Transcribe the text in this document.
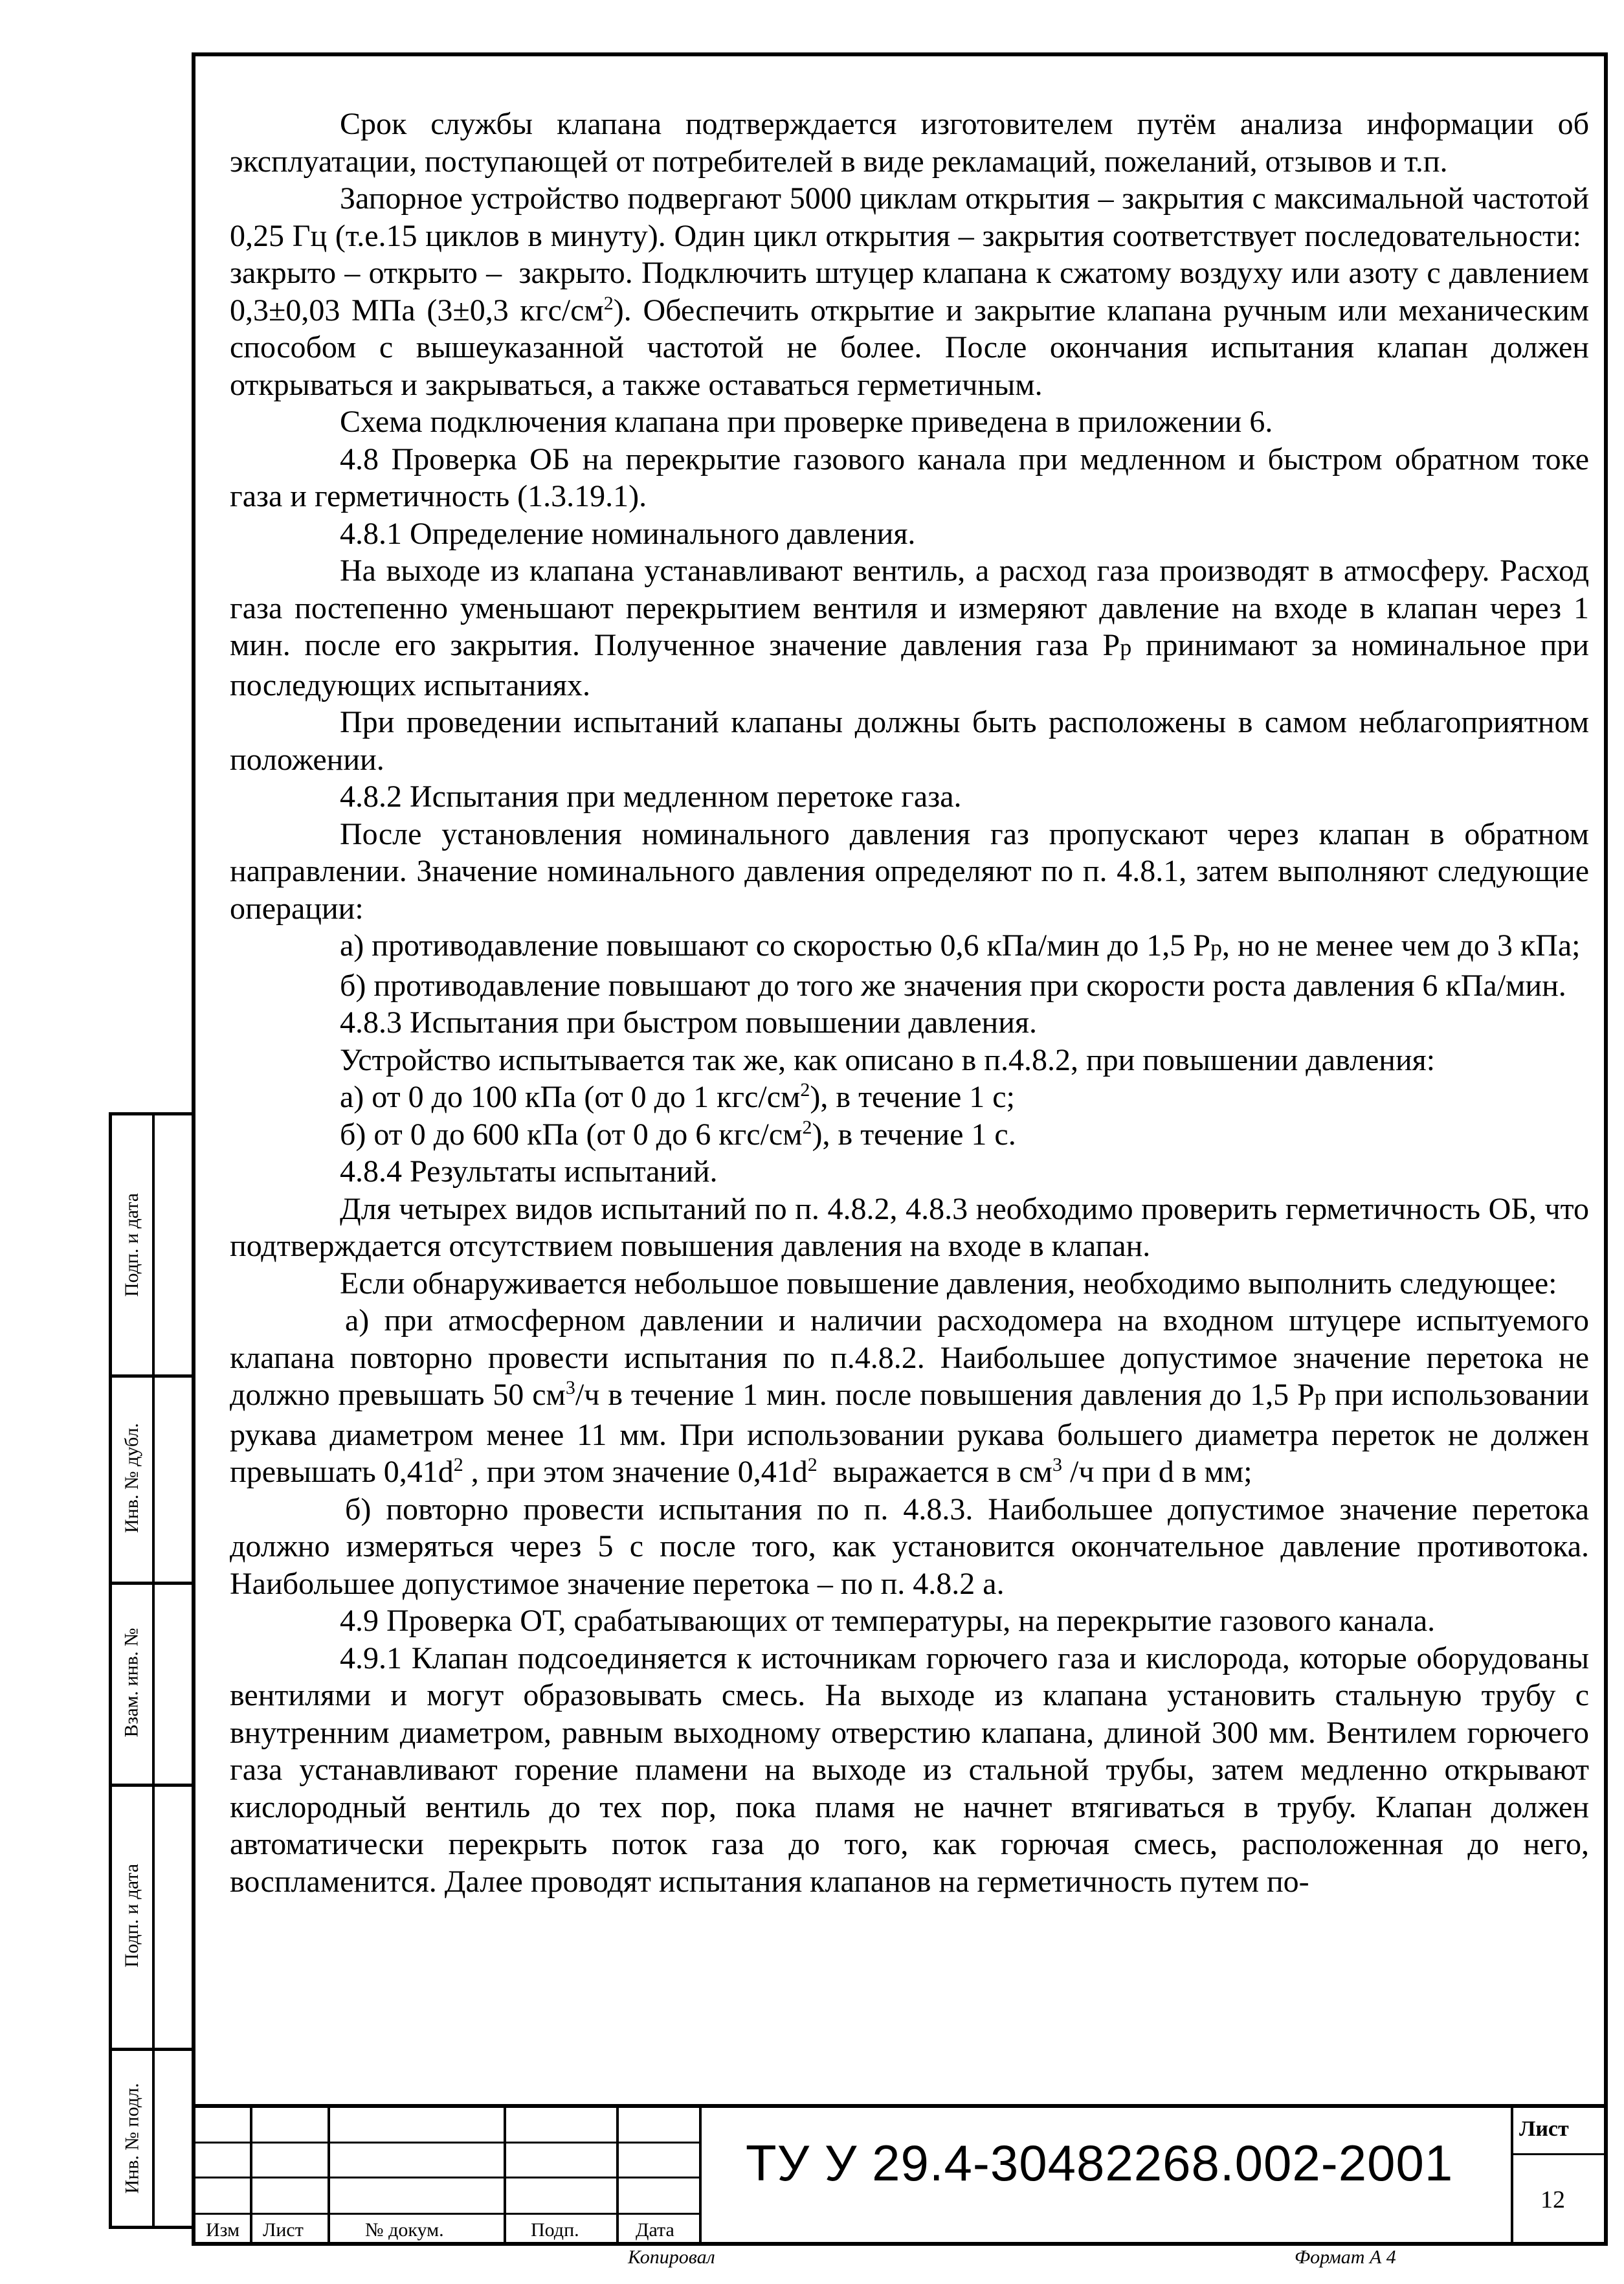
Срок службы клапана подтверждается изготовителем путём анализа информации об эксплуатации, поступающей от потребителей в виде рекламаций, пожеланий, отзывов и т.п.

Запорное устройство подвергают 5000 циклам открытия – закрытия с максимальной частотой 0,25 Гц (т.е.15 циклов в минуту). Один цикл открытия – закрытия соответствует последовательности:  закрыто – открыто –  закрыто. Подключить штуцер клапана к сжатому воздуху или азоту с давлением 0,3±0,03 МПа (3±0,3 кгс/$см^2$). Обеспечить открытие и закрытие клапана ручным или механическим способом с вышеуказанной частотой не более. После окончания испытания клапан должен открываться и закрываться, а также оставаться герметичным.

Схема подключения клапана при проверке приведена в приложении 6.

4.8 Проверка ОБ на перекрытие газового канала при медленном и быстром обратном токе газа и герметичность (1.3.19.1).

4.8.1 Определение номинального давления.

На выходе из клапана устанавливают вентиль, а расход газа производят в атмосферу. Расход газа постепенно уменьшают перекрытием вентиля и измеряют давление на входе в клапан через 1 мин. после его закрытия. Полученное значение давления газа Рр принимают за номинальное при последующих испытаниях.

При проведении испытаний клапаны должны быть расположены в самом неблагоприятном положении.

4.8.2 Испытания при медленном перетоке газа.

После установления номинального давления газ пропускают через клапан в обратном направлении. Значение номинального давления определяют по п. 4.8.1, затем выполняют следующие операции:

а) противодавление повышают со скоростью 0,6 кПа/мин до 1,5 Рр, но не менее чем до 3 кПа;

б) противодавление повышают до того же значения при скорости роста давления 6 кПа/мин.

4.8.3 Испытания при быстром повышении давления.

Устройство испытывается так же, как описано в п.4.8.2, при повышении давления:

а) от 0 до 100 кПа (от 0 до 1 кгс/$см^2$), в течение 1 с;

б) от 0 до 600 кПа (от 0 до 6 кгс/$см^2$), в течение 1 с.

4.8.4 Результаты испытаний.

Для четырех видов испытаний по п. 4.8.2, 4.8.3 необходимо проверить герметичность ОБ, что подтверждается отсутствием повышения давления на входе в клапан.

Если обнаруживается небольшое повышение давления, необходимо выполнить следующее:

а) при атмосферном давлении и наличии расходомера на входном штуцере испытуемого клапана повторно провести испытания по п.4.8.2. Наибольшее допустимое значение перетока не должно превышать 50 $см^3/ч$ в течение 1 мин. после повышения давления до 1,5 Рр при использовании рукава диаметром менее 11 мм. При использовании рукава большего диаметра переток не должен превышать $0,41d^2$ , при этом значение $0,41d^2$  выражается в $см^3$ /ч при d в мм;

б) повторно провести испытания по п. 4.8.3. Наибольшее допустимое значение перетока должно измеряться через 5 с после того, как установится окончательное давление противотока. Наибольшее допустимое значение перетока – по п. 4.8.2 а.

4.9 Проверка ОТ, срабатывающих от температуры, на перекрытие газового канала.

4.9.1 Клапан подсоединяется к источникам горючего газа и кислорода, которые оборудованы вентилями и могут образовывать смесь. На выходе из клапана установить стальную трубу с внутренним диаметром, равным выходному отверстию клапана, длиной 300 мм. Вентилем горючего газа устанавливают горение пламени на выходе из стальной трубы, затем медленно открывают кислородный вентиль до тех пор, пока пламя не начнет втягиваться в трубу. Клапан должен автоматически перекрыть поток газа до того, как горючая смесь, расположенная до него, воспламенится. Далее проводят испытания клапанов на герметичность путем по-

Подп. и дата
Инв. № дубл.
Взам. инв. №
Подп. и дата
Инв. № подл.
Изм Лист	№ докум.	Подп.	Дата
ТУ У 29.4-30482268.002-2001
Лист
12
Копировал	Формат А 4
